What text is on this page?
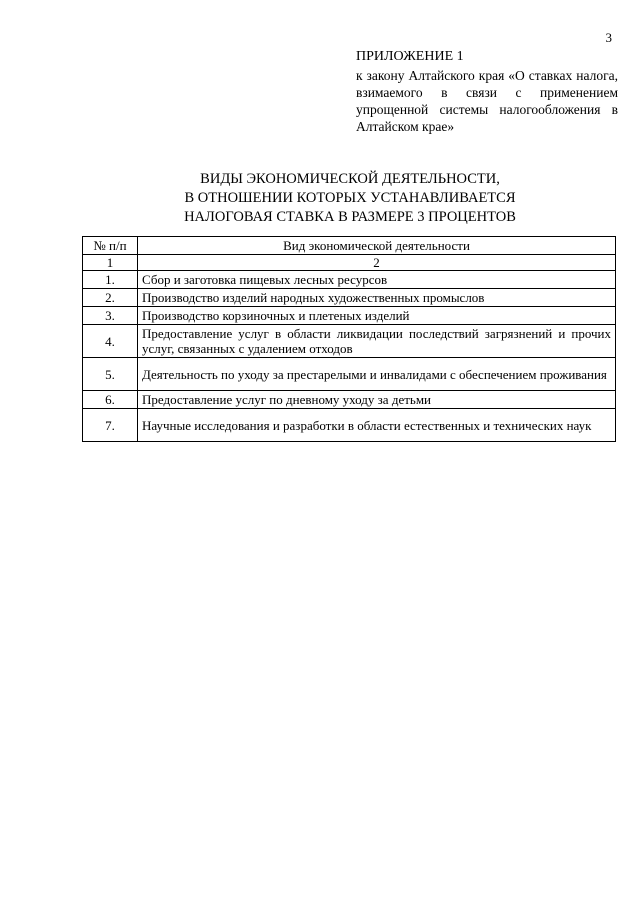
3

ПРИЛОЖЕНИЕ 1

к закону Алтайского края «О ставках налога, взимаемого в связи с применением упрощенной системы налогообложения в Алтайском крае»

ВИДЫ ЭКОНОМИЧЕСКОЙ ДЕЯТЕЛЬНОСТИ,
В ОТНОШЕНИИ КОТОРЫХ УСТАНАВЛИВАЕТСЯ
НАЛОГОВАЯ СТАВКА В РАЗМЕРЕ 3 ПРОЦЕНТОВ
№ п/п	Вид экономической деятельности
1	2
1.	Сбор и заготовка пищевых лесных ресурсов
2.	Производство изделий народных художественных промыслов
3.	Производство корзиночных и плетеных изделий
4.	Предоставление услуг в области ликвидации последствий загрязнений и прочих услуг, связанных с удалением отходов
5.	Деятельность по уходу за престарелыми и инвалидами с обеспечением проживания
6.	Предоставление услуг по дневному уходу за детьми
7.	Научные исследования и разработки в области естественных и технических наук
